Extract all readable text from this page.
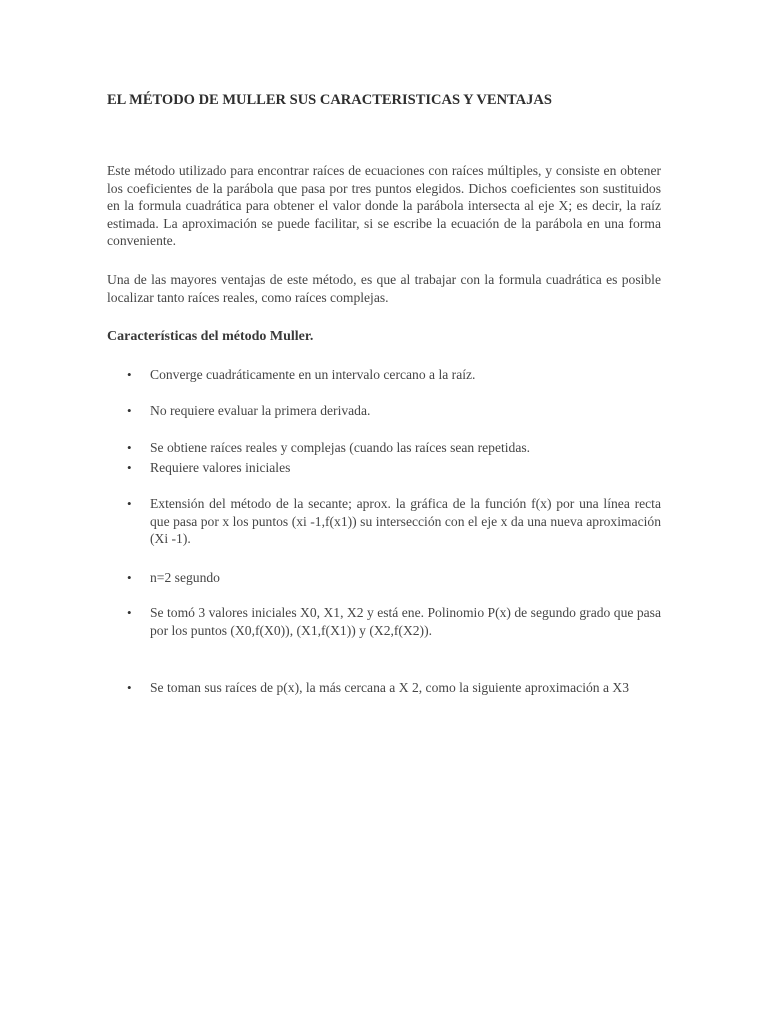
EL MÉTODO DE MULLER SUS CARACTERISTICAS Y VENTAJAS
Este método utilizado para encontrar raíces de ecuaciones con raíces múltiples, y consiste en obtener los coeficientes de la parábola que pasa por tres puntos elegidos. Dichos coeficientes son sustituidos en la formula cuadrática para obtener el valor donde la parábola intersecta al eje X; es decir, la raíz estimada. La aproximación se puede facilitar, si se escribe la ecuación de la parábola en una forma conveniente.
Una de las mayores ventajas de este método, es que al trabajar con la formula cuadrática es posible localizar tanto raíces reales, como raíces complejas.
Características del método Muller.
•	Converge cuadráticamente en un intervalo cercano a la raíz.
•	No requiere evaluar la primera derivada.
•	Se obtiene raíces reales y complejas (cuando las raíces sean repetidas.
•	Requiere valores iniciales
•	Extensión del método de la secante; aprox. la gráfica de la función f(x) por una línea recta que pasa por x los puntos (xi -1,f(x1)) su intersección con el eje x da una nueva aproximación (Xi -1).
•	n=2 segundo
•	Se tomó 3 valores iniciales X0, X1, X2 y está ene. Polinomio P(x) de segundo grado que pasa por los puntos (X0,f(X0)), (X1,f(X1)) y (X2,f(X2)).
•	Se toman sus raíces de p(x), la más cercana a X 2, como la siguiente aproximación a X3
